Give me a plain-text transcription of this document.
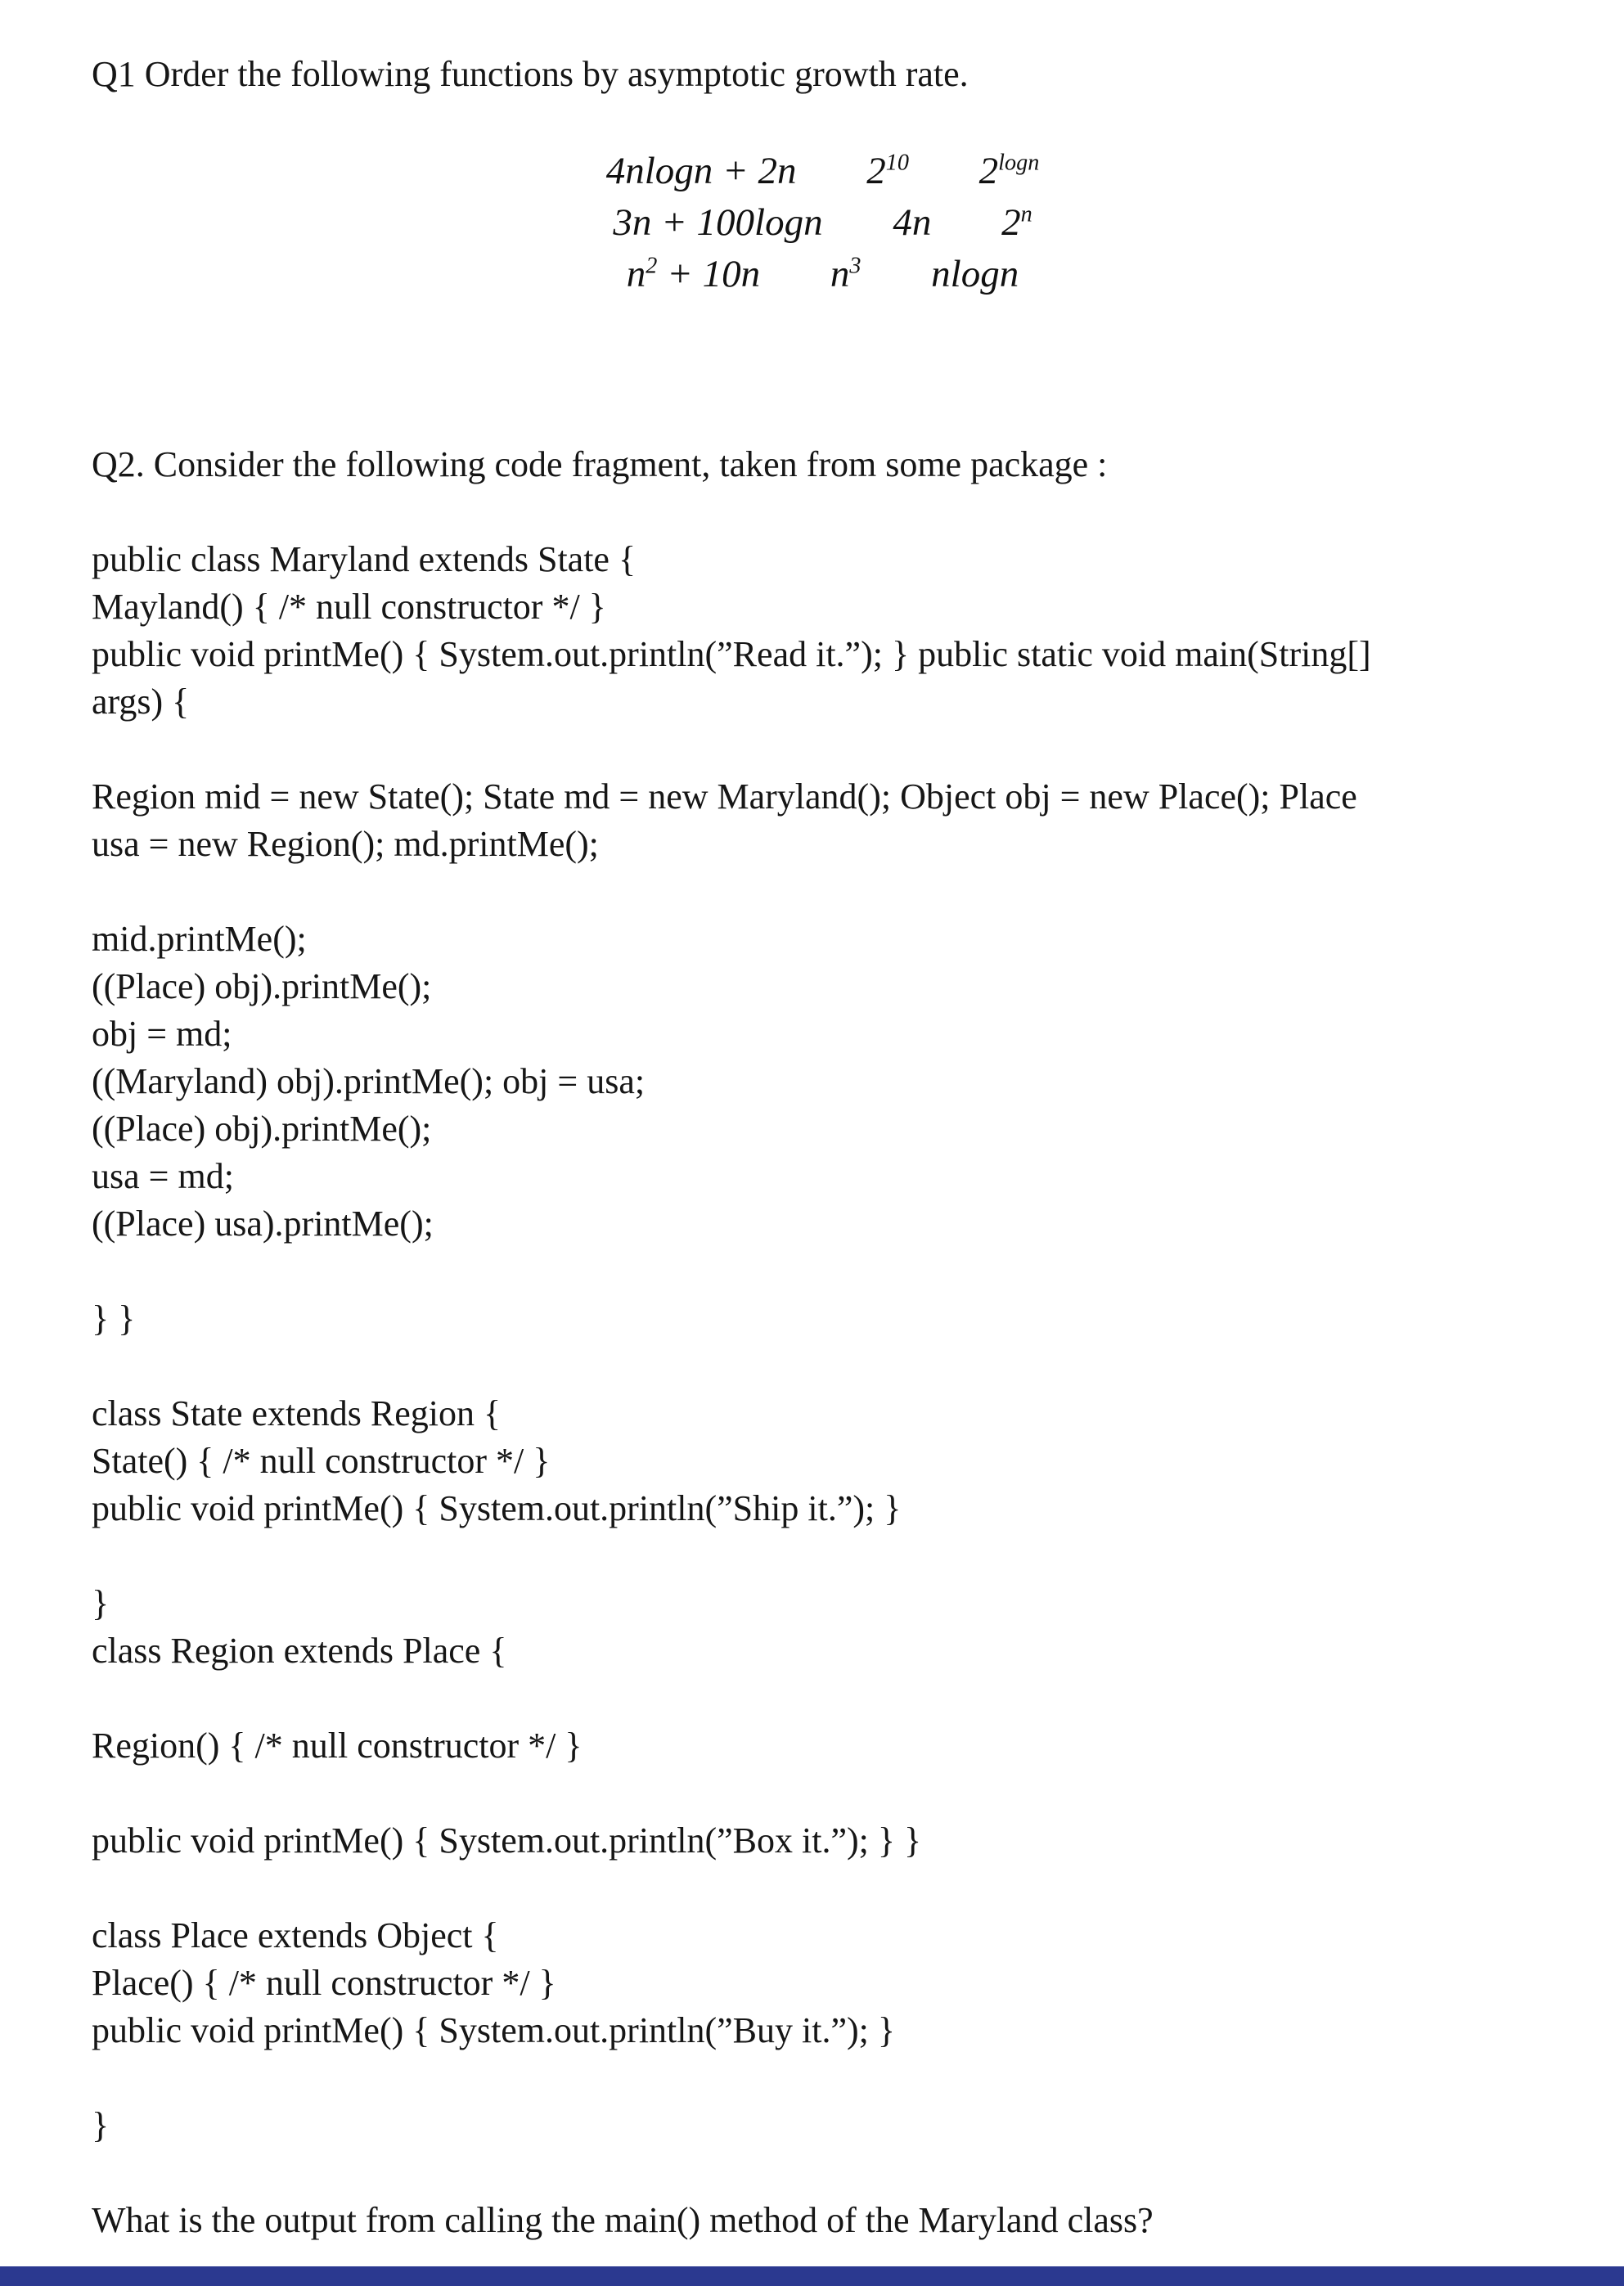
Q1 Order the following functions by asymptotic growth rate.

4nlogn + 2n $2^{10}$ $2^{logn}$
3n + 100logn 4n 2$^n$
$n^2 + 10n$ $n^3$ nlogn

Q2. Consider the following code fragment, taken from some package :

public class Maryland extends State {
Mayland() { /* null constructor */ }
public void printMe() { System.out.println(”Read it.”); } public static void main(String[]
args) {
Region mid = new State(); State md = new Maryland(); Object obj = new Place(); Place
usa = new Region(); md.printMe();
mid.printMe();
((Place) obj).printMe();
obj = md;
((Maryland) obj).printMe(); obj = usa;
((Place) obj).printMe();
usa = md;
((Place) usa).printMe();
} }
class State extends Region {
State() { /* null constructor */ }
public void printMe() { System.out.println(”Ship it.”); }
}
class Region extends Place {
Region() { /* null constructor */ }
public void printMe() { System.out.println(”Box it.”); } }
class Place extends Object {
Place() { /* null constructor */ }
public void printMe() { System.out.println(”Buy it.”); }
}

What is the output from calling the main() method of the Maryland class?
